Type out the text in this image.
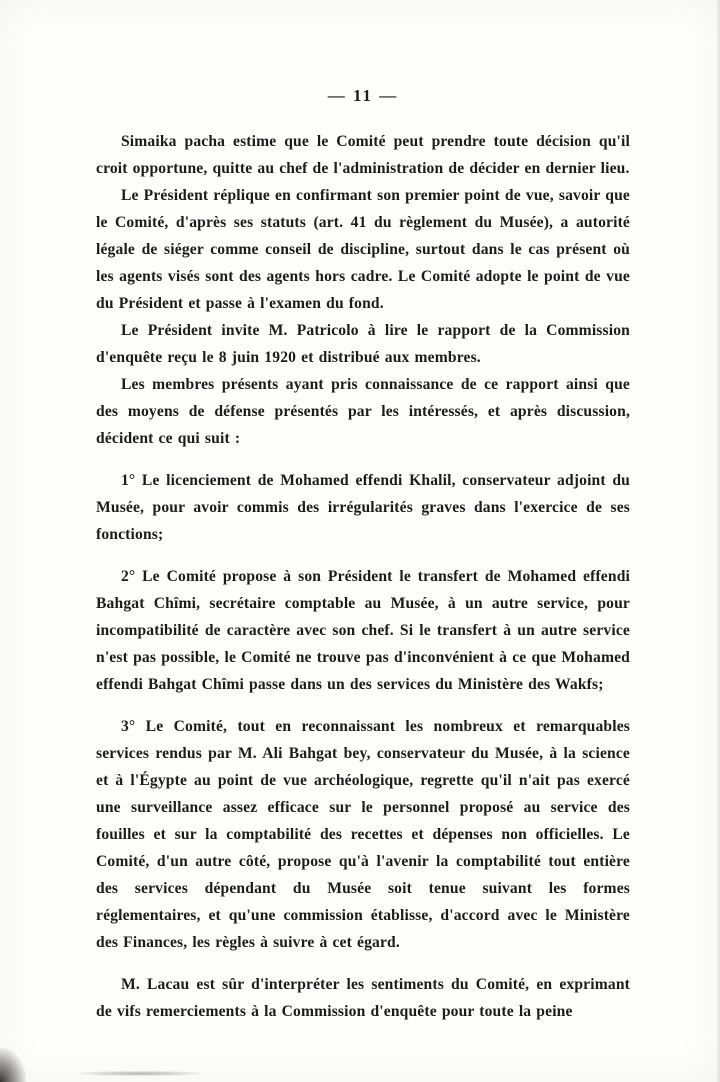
— 11 —

Simaika pacha estime que le Comité peut prendre toute décision qu'il croit opportune, quitte au chef de l'administration de décider en dernier lieu.

Le Président réplique en confirmant son premier point de vue, savoir que le Comité, d'après ses statuts (art. 41 du règlement du Musée), a autorité légale de siéger comme conseil de discipline, surtout dans le cas présent où les agents visés sont des agents hors cadre. Le Comité adopte le point de vue du Président et passe à l'examen du fond.

Le Président invite M. Patricolo à lire le rapport de la Commission d'enquête reçu le 8 juin 1920 et distribué aux membres.

Les membres présents ayant pris connaissance de ce rapport ainsi que des moyens de défense présentés par les intéressés, et après discussion, décident ce qui suit :

1° Le licenciement de Mohamed effendi Khalil, conservateur adjoint du Musée, pour avoir commis des irrégularités graves dans l'exercice de ses fonctions;

2° Le Comité propose à son Président le transfert de Mohamed effendi Bahgat Chîmi, secrétaire comptable au Musée, à un autre service, pour incompatibilité de caractère avec son chef. Si le transfert à un autre service n'est pas possible, le Comité ne trouve pas d'inconvénient à ce que Mohamed effendi Bahgat Chîmi passe dans un des services du Ministère des Wakfs;

3° Le Comité, tout en reconnaissant les nombreux et remarquables services rendus par M. Ali Bahgat bey, conservateur du Musée, à la science et à l'Égypte au point de vue archéologique, regrette qu'il n'ait pas exercé une surveillance assez efficace sur le personnel proposé au service des fouilles et sur la comptabilité des recettes et dépenses non officielles. Le Comité, d'un autre côté, propose qu'à l'avenir la comptabilité tout entière des services dépendant du Musée soit tenue suivant les formes réglementaires, et qu'une commission établisse, d'accord avec le Ministère des Finances, les règles à suivre à cet égard.

M. Lacau est sûr d'interpréter les sentiments du Comité, en exprimant de vifs remerciements à la Commission d'enquête pour toute la peine
